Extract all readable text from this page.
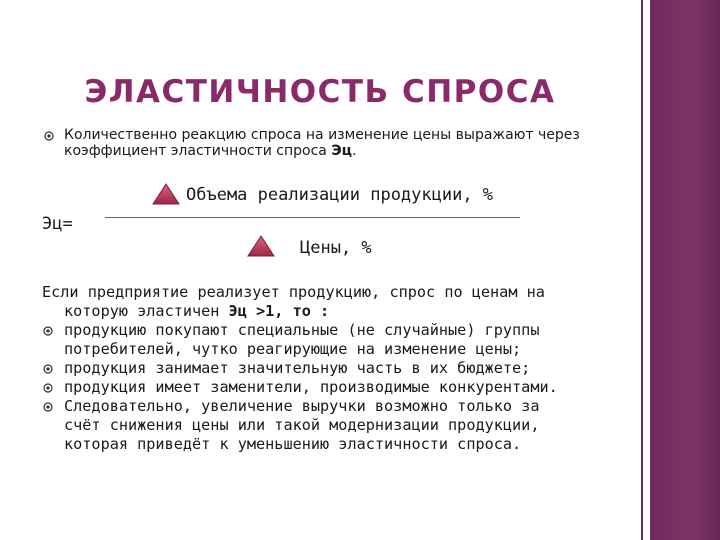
ЭЛАСТИЧНОСТЬ СПРОСА
Количественно реакцию спроса на изменение цены выражают через
коэффициент эластичности спроса Эц.
Объема реализации продукции, %
Эц=
Цены, %
Если предприятие реализует продукцию, спрос по ценам на
которую эластичен Эц >1, то :
продукцию покупают специальные (не случайные) группы
потребителей, чутко реагирующие на изменение цены;
продукция занимает значительную часть в их бюджете;
продукция имеет заменители, производимые конкурентами.
Следовательно, увеличение выручки возможно только за
счёт снижения цены или такой модернизации продукции,
которая приведёт к уменьшению эластичности спроса.
